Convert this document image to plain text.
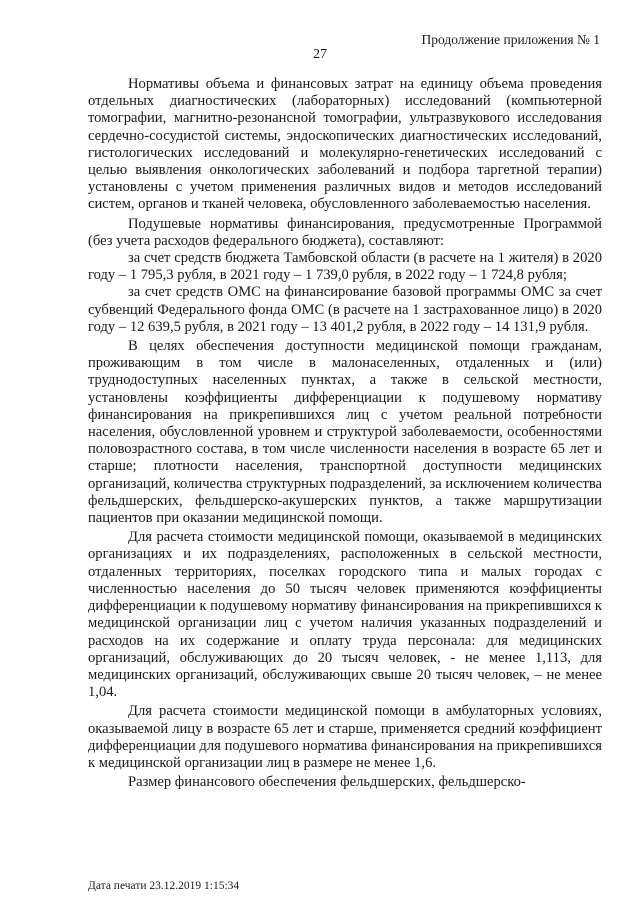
Продолжение приложения № 1
27

Нормативы объема и финансовых затрат на единицу объема проведения отдельных диагностических (лабораторных) исследований (компьютерной томографии, магнитно-резонансной томографии, ультразвукового исследования сердечно-сосудистой системы, эндоскопических диагностических исследований, гистологических исследований и молекулярно-генетических исследований с целью выявления онкологических заболеваний и подбора таргетной терапии) установлены с учетом применения различных видов и методов исследований систем, органов и тканей человека, обусловленного заболеваемостью населения.

Подушевые нормативы финансирования, предусмотренные Программой (без учета расходов федерального бюджета), составляют:

за счет средств бюджета Тамбовской области (в расчете на 1 жителя) в 2020 году – 1 795,3 рубля, в 2021 году – 1 739,0 рубля, в 2022 году – 1 724,8 рубля;

за счет средств ОМС на финансирование базовой программы ОМС за счет субвенций Федерального фонда ОМС (в расчете на 1 застрахованное лицо) в 2020 году – 12 639,5 рубля, в 2021 году – 13 401,2 рубля, в 2022 году – 14 131,9 рубля.

В целях обеспечения доступности медицинской помощи гражданам, проживающим в том числе в малонаселенных, отдаленных и (или) труднодоступных населенных пунктах, а также в сельской местности, установлены коэффициенты дифференциации к подушевому нормативу финансирования на прикрепившихся лиц с учетом реальной потребности населения, обусловленной уровнем и структурой заболеваемости, особенностями половозрастного состава, в том числе численности населения в возрасте 65 лет и старше; плотности населения, транспортной доступности медицинских организаций, количества структурных подразделений, за исключением количества фельдшерских, фельдшерско-акушерских пунктов, а также маршрутизации пациентов при оказании медицинской помощи.

Для расчета стоимости медицинской помощи, оказываемой в медицинских организациях и их подразделениях, расположенных в сельской местности, отдаленных территориях, поселках городского типа и малых городах с численностью населения до 50 тысяч человек применяются коэффициенты дифференциации к подушевому нормативу финансирования на прикрепившихся к медицинской организации лиц с учетом наличия указанных подразделений и расходов на их содержание и оплату труда персонала: для медицинских организаций, обслуживающих до 20 тысяч человек, - не менее 1,113, для медицинских организаций, обслуживающих свыше 20 тысяч человек, – не менее 1,04.

Для расчета стоимости медицинской помощи в амбулаторных условиях, оказываемой лицу в возрасте 65 лет и старше, применяется средний коэффициент дифференциации для подушевого норматива финансирования на прикрепившихся к медицинской организации лиц в размере не менее 1,6.

Размер финансового обеспечения фельдшерских, фельдшерско-

Дата печати 23.12.2019 1:15:34
